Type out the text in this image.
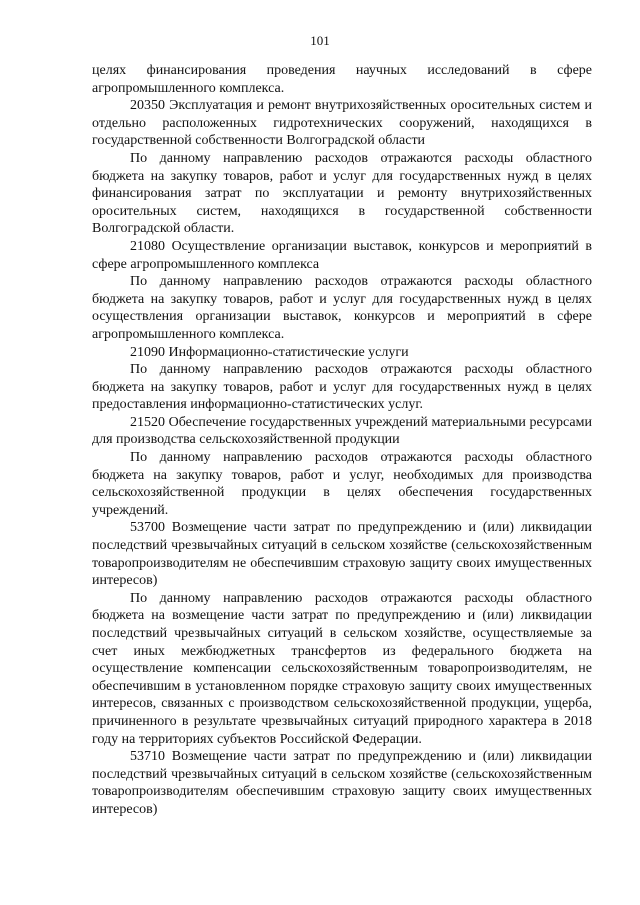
101

целях финансирования проведения научных исследований в сфере агропромышленного комплекса.

20350 Эксплуатация и ремонт внутрихозяйственных оросительных систем и отдельно расположенных гидротехнических сооружений, находящихся в государственной собственности Волгоградской области

По данному направлению расходов отражаются расходы областного бюджета на закупку товаров, работ и услуг для государственных нужд в целях финансирования затрат по эксплуатации и ремонту внутрихозяйственных оросительных систем, находящихся в государственной собственности Волгоградской области.

21080 Осуществление организации выставок, конкурсов и мероприятий в сфере агропромышленного комплекса

По данному направлению расходов отражаются расходы областного бюджета на закупку товаров, работ и услуг для государственных нужд в целях осуществления организации выставок, конкурсов и мероприятий в сфере агропромышленного комплекса.

21090 Информационно-статистические услуги

По данному направлению расходов отражаются расходы областного бюджета на закупку товаров, работ и услуг для государственных нужд в целях предоставления информационно-статистических услуг.

21520 Обеспечение государственных учреждений материальными ресурсами для производства сельскохозяйственной продукции

По данному направлению расходов отражаются расходы областного бюджета на закупку товаров, работ и услуг, необходимых для производства сельскохозяйственной продукции в целях обеспечения государственных учреждений.

53700 Возмещение части затрат по предупреждению и (или) ликвидации последствий чрезвычайных ситуаций в сельском хозяйстве (сельскохозяйственным товаропроизводителям не обеспечившим страховую защиту своих имущественных интересов)

По данному направлению расходов отражаются расходы областного бюджета на возмещение части затрат по предупреждению и (или) ликвидации последствий чрезвычайных ситуаций в сельском хозяйстве, осуществляемые за счет иных межбюджетных трансфертов из федерального бюджета на осуществление компенсации сельскохозяйственным товаропроизводителям, не обеспечившим в установленном порядке страховую защиту своих имущественных интересов, связанных с производством сельскохозяйственной продукции, ущерба, причиненного в результате чрезвычайных ситуаций природного характера в 2018 году на территориях субъектов Российской Федерации.

53710 Возмещение части затрат по предупреждению и (или) ликвидации последствий чрезвычайных ситуаций в сельском хозяйстве (сельскохозяйственным товаропроизводителям обеспечившим страховую защиту своих имущественных интересов)
